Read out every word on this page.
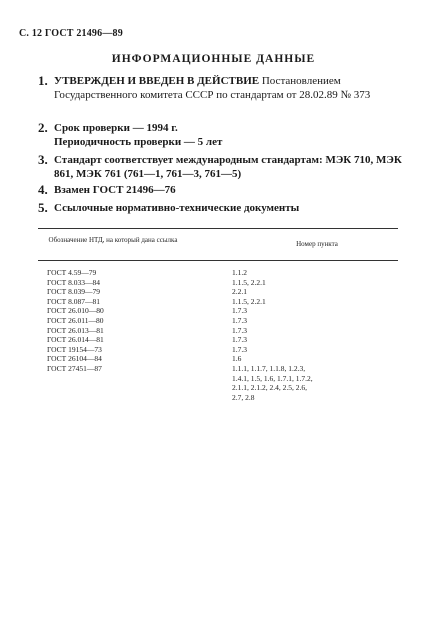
С. 12 ГОСТ 21496—89
ИНФОРМАЦИОННЫЕ ДАННЫЕ
1. УТВЕРЖДЕН И ВВЕДЕН В ДЕЙСТВИЕ Постановлением Государственного комитета СССР по стандартам от 28.02.89 № 373
2. Срок проверки — 1994 г.
Периодичность проверки — 5 лет
3. Стандарт соответствует международным стандартам: МЭК 710, МЭК 861, МЭК 761 (761—1, 761—3, 761—5)
4. Взамен ГОСТ 21496—76
5. Ссылочные нормативно-технические документы
Обозначение НТД, на который дана ссылка	Номер пункта
ГОСТ 4.59—79	1.1.2
ГОСТ 8.033—84	1.1.5, 2.2.1
ГОСТ 8.039—79	2.2.1
ГОСТ 8.087—81	1.1.5, 2.2.1
ГОСТ 26.010—80	1.7.3
ГОСТ 26.011—80	1.7.3
ГОСТ 26.013—81	1.7.3
ГОСТ 26.014—81	1.7.3
ГОСТ 19154—73	1.7.3
ГОСТ 26104—84	1.6
ГОСТ 27451—87	1.1.1, 1.1.7, 1.1.8, 1.2.3,
1.4.1, 1.5, 1.6, 1.7.1, 1.7.2,
2.1.1, 2.1.2, 2.4, 2.5, 2.6,
2.7, 2.8
